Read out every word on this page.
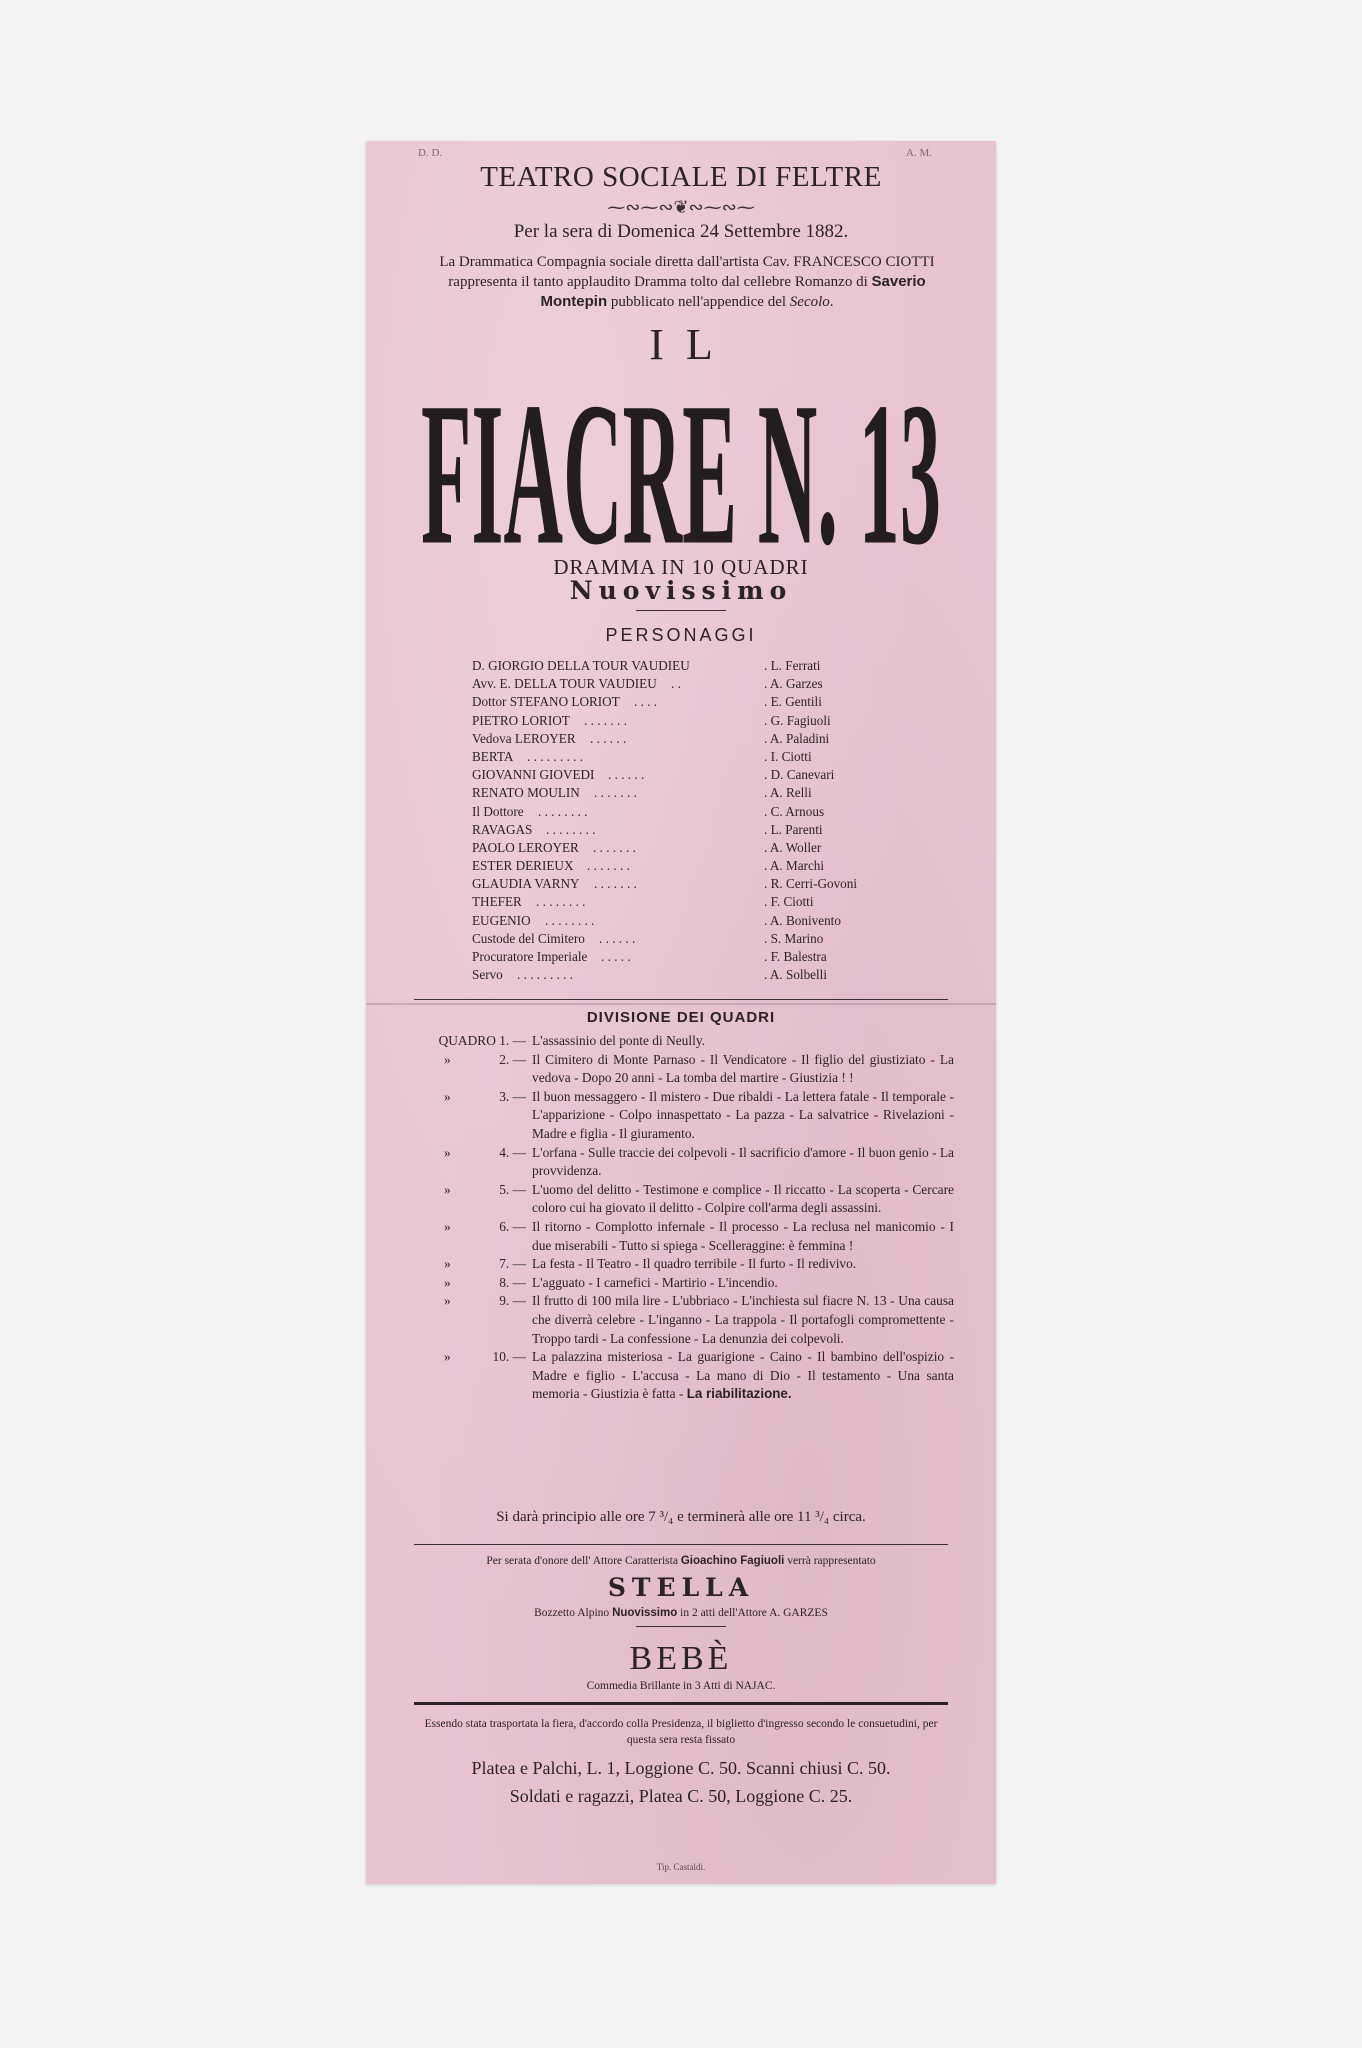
D. D.	A. M.
TEATRO SOCIALE DI FELTRE
⁓∾⁓∾❦∾⁓∾⁓
Per la sera di Domenica 24 Settembre 1882.
La Drammatica Compagnia sociale diretta dall'artista Cav. FRANCESCO CIOTTI rappresenta il tanto applaudito Dramma tolto dal cellebre Romanzo di Saverio Montepin pubblicato nell'appendice del Secolo.
IL
FIACRE N. 13
DRAMMA IN 10 QUADRI
Nuovissimo
PERSONAGGI
D. GIORGIO DELLA TOUR VAUDIEU	. L. Ferrati
Avv. E. DELLA TOUR VAUDIEU . .	. A. Garzes
Dottor STEFANO LORIOT . . . .	. E. Gentili
PIETRO LORIOT . . . . . . .	. G. Fagiuoli
Vedova LEROYER . . . . . .	. A. Paladini
BERTA . . . . . . . . .	. I. Ciotti
GIOVANNI GIOVEDI . . . . . .	. D. Canevari
RENATO MOULIN . . . . . . .	. A. Relli
Il Dottore . . . . . . . .	. C. Arnous
RAVAGAS . . . . . . . .	. L. Parenti
PAOLO LEROYER . . . . . . .	. A. Woller
ESTER DERIEUX . . . . . . .	. A. Marchi
GLAUDIA VARNY . . . . . . .	. R. Cerri-Govoni
THEFER . . . . . . . .	. F. Ciotti
EUGENIO . . . . . . . .	. A. Bonivento
Custode del Cimitero . . . . . .	. S. Marino
Procuratore Imperiale . . . . .	. F. Balestra
Servo . . . . . . . . .	. A. Solbelli
DIVISIONE DEI QUADRI
QUADRO 1. — L'assassinio del ponte di Neully.
»	2. — Il Cimitero di Monte Parnaso - Il Vendicatore - Il figlio del giustiziato - La vedova - Dopo 20 anni - La tomba del martire - Giustizia ! !
»	3. — Il buon messaggero - Il mistero - Due ribaldi - La lettera fatale - Il temporale - L'apparizione - Colpo innaspettato - La pazza - La salvatrice - Rivelazioni - Madre e figlia - Il giuramento.
»	4. — L'orfana - Sulle traccie dei colpevoli - Il sacrificio d'amore - Il buon genio - La provvidenza.
»	5. — L'uomo del delitto - Testimone e complice - Il riccatto - La scoperta - Cercare coloro cui ha giovato il delitto - Colpire coll'arma degli assassini.
»	6. — Il ritorno - Complotto infernale - Il processo - La reclusa nel manicomio - I due miserabili - Tutto si spiega - Scelleraggine: è femmina !
»	7. — La festa - Il Teatro - Il quadro terribile - Il furto - Il redivivo.
»	8. — L'agguato - I carnefici - Martirio - L'incendio.
»	9. — Il frutto di 100 mila lire - L'ubbriaco - L'inchiesta sul fiacre N. 13 - Una causa che diverrà celebre - L'inganno - La trappola - Il portafogli compromettente - Troppo tardi - La confessione - La denunzia dei colpevoli.
»	10. — La palazzina misteriosa - La guarigione - Caino - Il bambino dell'ospizio - Madre e figlio - L'accusa - La mano di Dio - Il testamento - Una santa memoria - Giustizia è fatta - La riabilitazione.
Si darà principio alle ore 7 ³/₄ e terminerà alle ore 11 ³/₄ circa.
Per serata d'onore dell' Attore Caratterista Gioachino Fagiuoli verrà rappresentato
STELLA
Bozzetto Alpino Nuovissimo in 2 atti dell'Attore A. GARZES
BEBÈ
Commedia Brillante in 3 Atti di NAJAC.
Essendo stata trasportata la fiera, d'accordo colla Presidenza, il biglietto d'ingresso secondo le consuetudini, per questa sera resta fissato
Platea e Palchi, L. 1, Loggione C. 50. Scanni chiusi C. 50.
Soldati e ragazzi, Platea C. 50, Loggione C. 25.
Tip. Castaldi.
